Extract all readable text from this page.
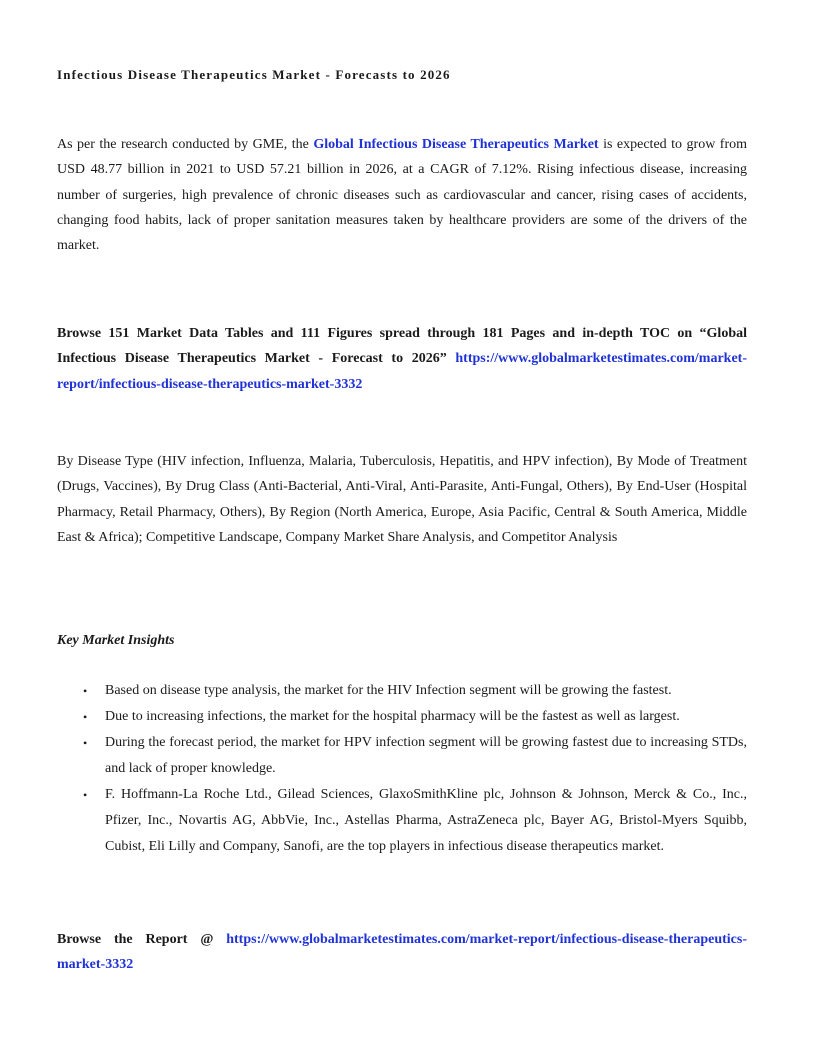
Infectious Disease Therapeutics Market - Forecasts to 2026

As per the research conducted by GME, the Global Infectious Disease Therapeutics Market is expected to grow from USD 48.77 billion in 2021 to USD 57.21 billion in 2026, at a CAGR of 7.12%. Rising infectious disease, increasing number of surgeries, high prevalence of chronic diseases such as cardiovascular and cancer, rising cases of accidents, changing food habits, lack of proper sanitation measures taken by healthcare providers are some of the drivers of the market.

Browse 151 Market Data Tables and 111 Figures spread through 181 Pages and in-depth TOC on “Global Infectious Disease Therapeutics Market - Forecast to 2026” https://www.globalmarketestimates.com/market-report/infectious-disease-therapeutics-market-3332

By Disease Type (HIV infection, Influenza, Malaria, Tuberculosis, Hepatitis, and HPV infection), By Mode of Treatment (Drugs, Vaccines), By Drug Class (Anti-Bacterial, Anti-Viral, Anti-Parasite, Anti-Fungal, Others), By End-User (Hospital Pharmacy, Retail Pharmacy, Others), By Region (North America, Europe, Asia Pacific, Central & South America, Middle East & Africa); Competitive Landscape, Company Market Share Analysis, and Competitor Analysis

Key Market Insights
• Based on disease type analysis, the market for the HIV Infection segment will be growing the fastest.
• Due to increasing infections, the market for the hospital pharmacy will be the fastest as well as largest.
• During the forecast period, the market for HPV infection segment will be growing fastest due to increasing STDs, and lack of proper knowledge.
• F. Hoffmann-La Roche Ltd., Gilead Sciences, GlaxoSmithKline plc, Johnson & Johnson, Merck & Co., Inc., Pfizer, Inc., Novartis AG, AbbVie, Inc., Astellas Pharma, AstraZeneca plc, Bayer AG, Bristol-Myers Squibb, Cubist, Eli Lilly and Company, Sanofi, are the top players in infectious disease therapeutics market.

Browse the Report @ https://www.globalmarketestimates.com/market-report/infectious-disease-therapeutics-market-3332
